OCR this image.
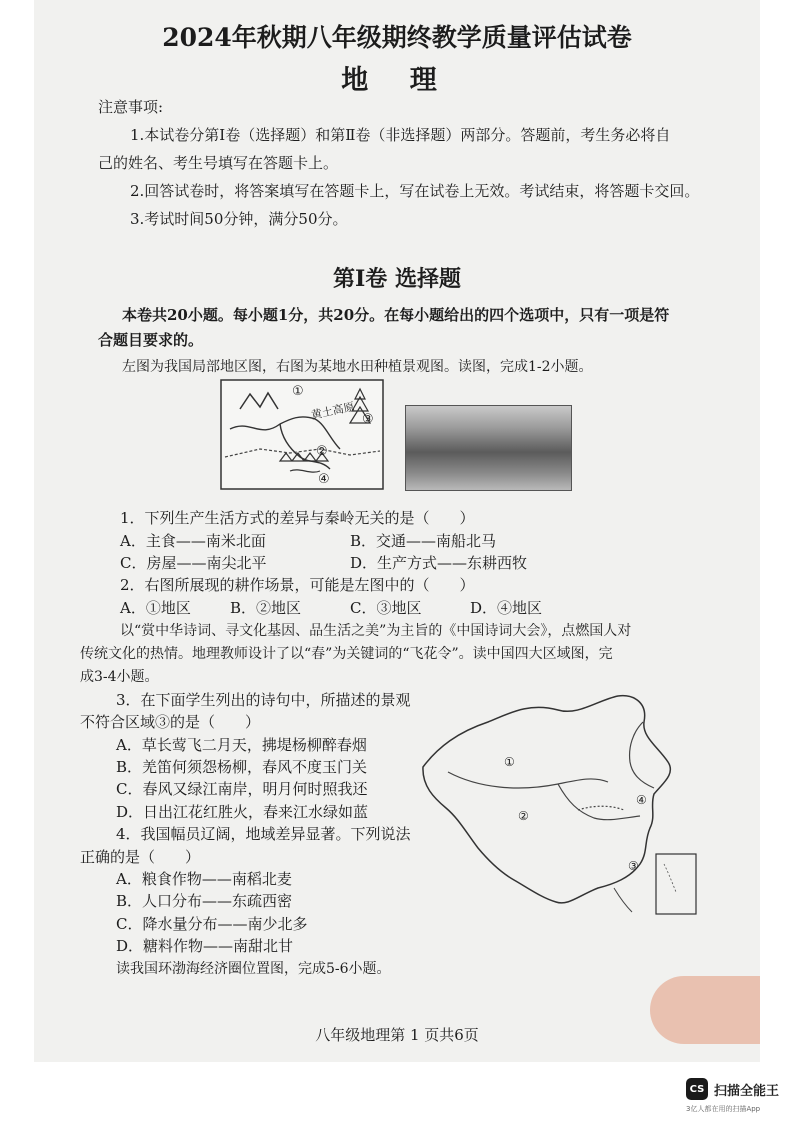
2024年秋期八年级期终教学质量评估试卷
地 理
注意事项:
1.本试卷分第Ⅰ卷（选择题）和第Ⅱ卷（非选择题）两部分。答题前，考生务必将自
己的姓名、考生号填写在答题卡上。
2.回答试卷时，将答案填写在答题卡上，写在试卷上无效。考试结束，将答题卡交回。
3.考试时间50分钟，满分50分。
第Ⅰ卷 选择题
本卷共20小题。每小题1分，共20分。在每小题给出的四个选项中，只有一项是符
合题目要求的。
左图为我国局部地区图，右图为某地水田种植景观图。读图，完成1-2小题。
黄土高原
①
②
③
④
1．下列生产生活方式的差异与秦岭无关的是（　　）
A．主食——南米北面	B．交通——南船北马
C．房屋——南尖北平	D．生产方式——东耕西牧
2．右图所展现的耕作场景，可能是左图中的（　　）
A．①地区	B．②地区	C．③地区	D．④地区
以“赏中华诗词、寻文化基因、品生活之美”为主旨的《中国诗词大会》，点燃国人对
传统文化的热情。地理教师设计了以“春”为关键词的“飞花令”。读中国四大区域图，完
成3-4小题。
3．在下面学生列出的诗句中，所描述的景观
不符合区域③的是（　　）
A．草长莺飞二月天，拂堤杨柳醉春烟
B．羌笛何须怨杨柳，春风不度玉门关
C．春风又绿江南岸，明月何时照我还
D．日出江花红胜火，春来江水绿如蓝
4．我国幅员辽阔，地域差异显著。下列说法
正确的是（　　）
A．粮食作物——南稻北麦
B．人口分布——东疏西密
C．降水量分布——南少北多
D．糖料作物——南甜北甘
①
②
③
④
读我国环渤海经济圈位置图，完成5-6小题。
八年级地理第 1 页共6页
CS 扫描全能王
3亿人都在用的扫描App
